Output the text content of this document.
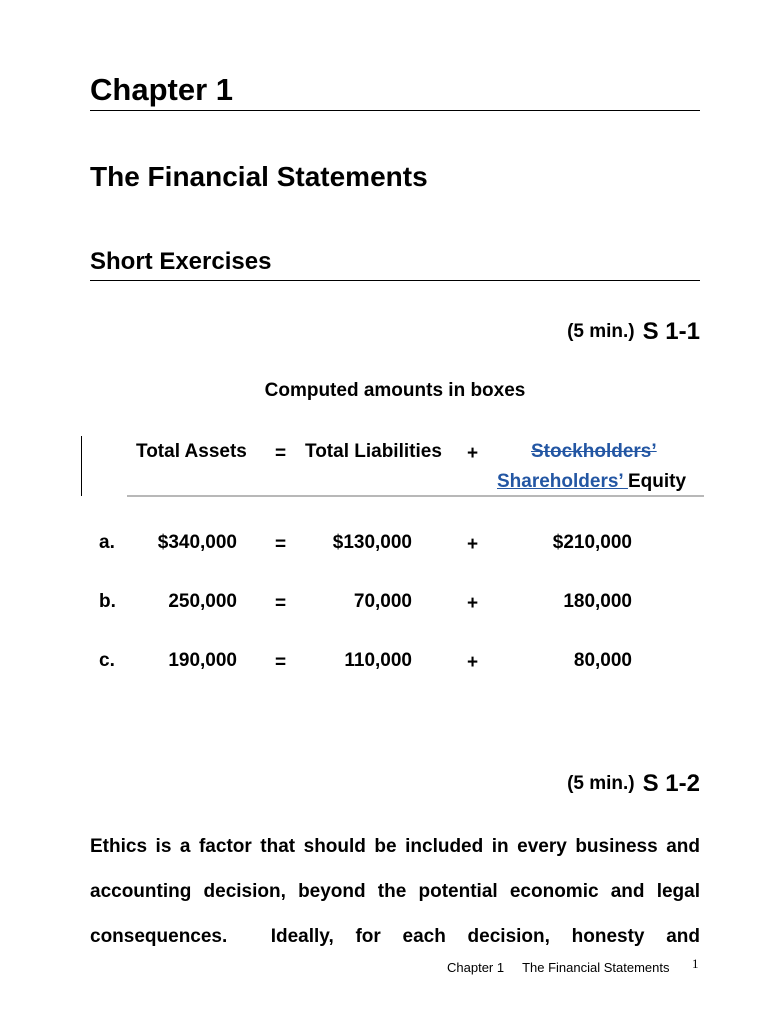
Chapter 1
The Financial Statements
Short Exercises
(5 min.) S 1-1
Computed amounts in boxes
Total Assets = Total Liabilities +	Stockholders’
Shareholders’ Equity
a.	$340,000 =	$130,000	+	$210,000
b.	250,000 =	70,000	+	180,000
c.	190,000 =	110,000	+	80,000
(5 min.) S 1-2
Ethics is a factor that should be included in every business and
accounting decision, beyond the potential economic and legal
consequences.  Ideally, for each decision, honesty and
Chapter 1 The Financial Statements 1
